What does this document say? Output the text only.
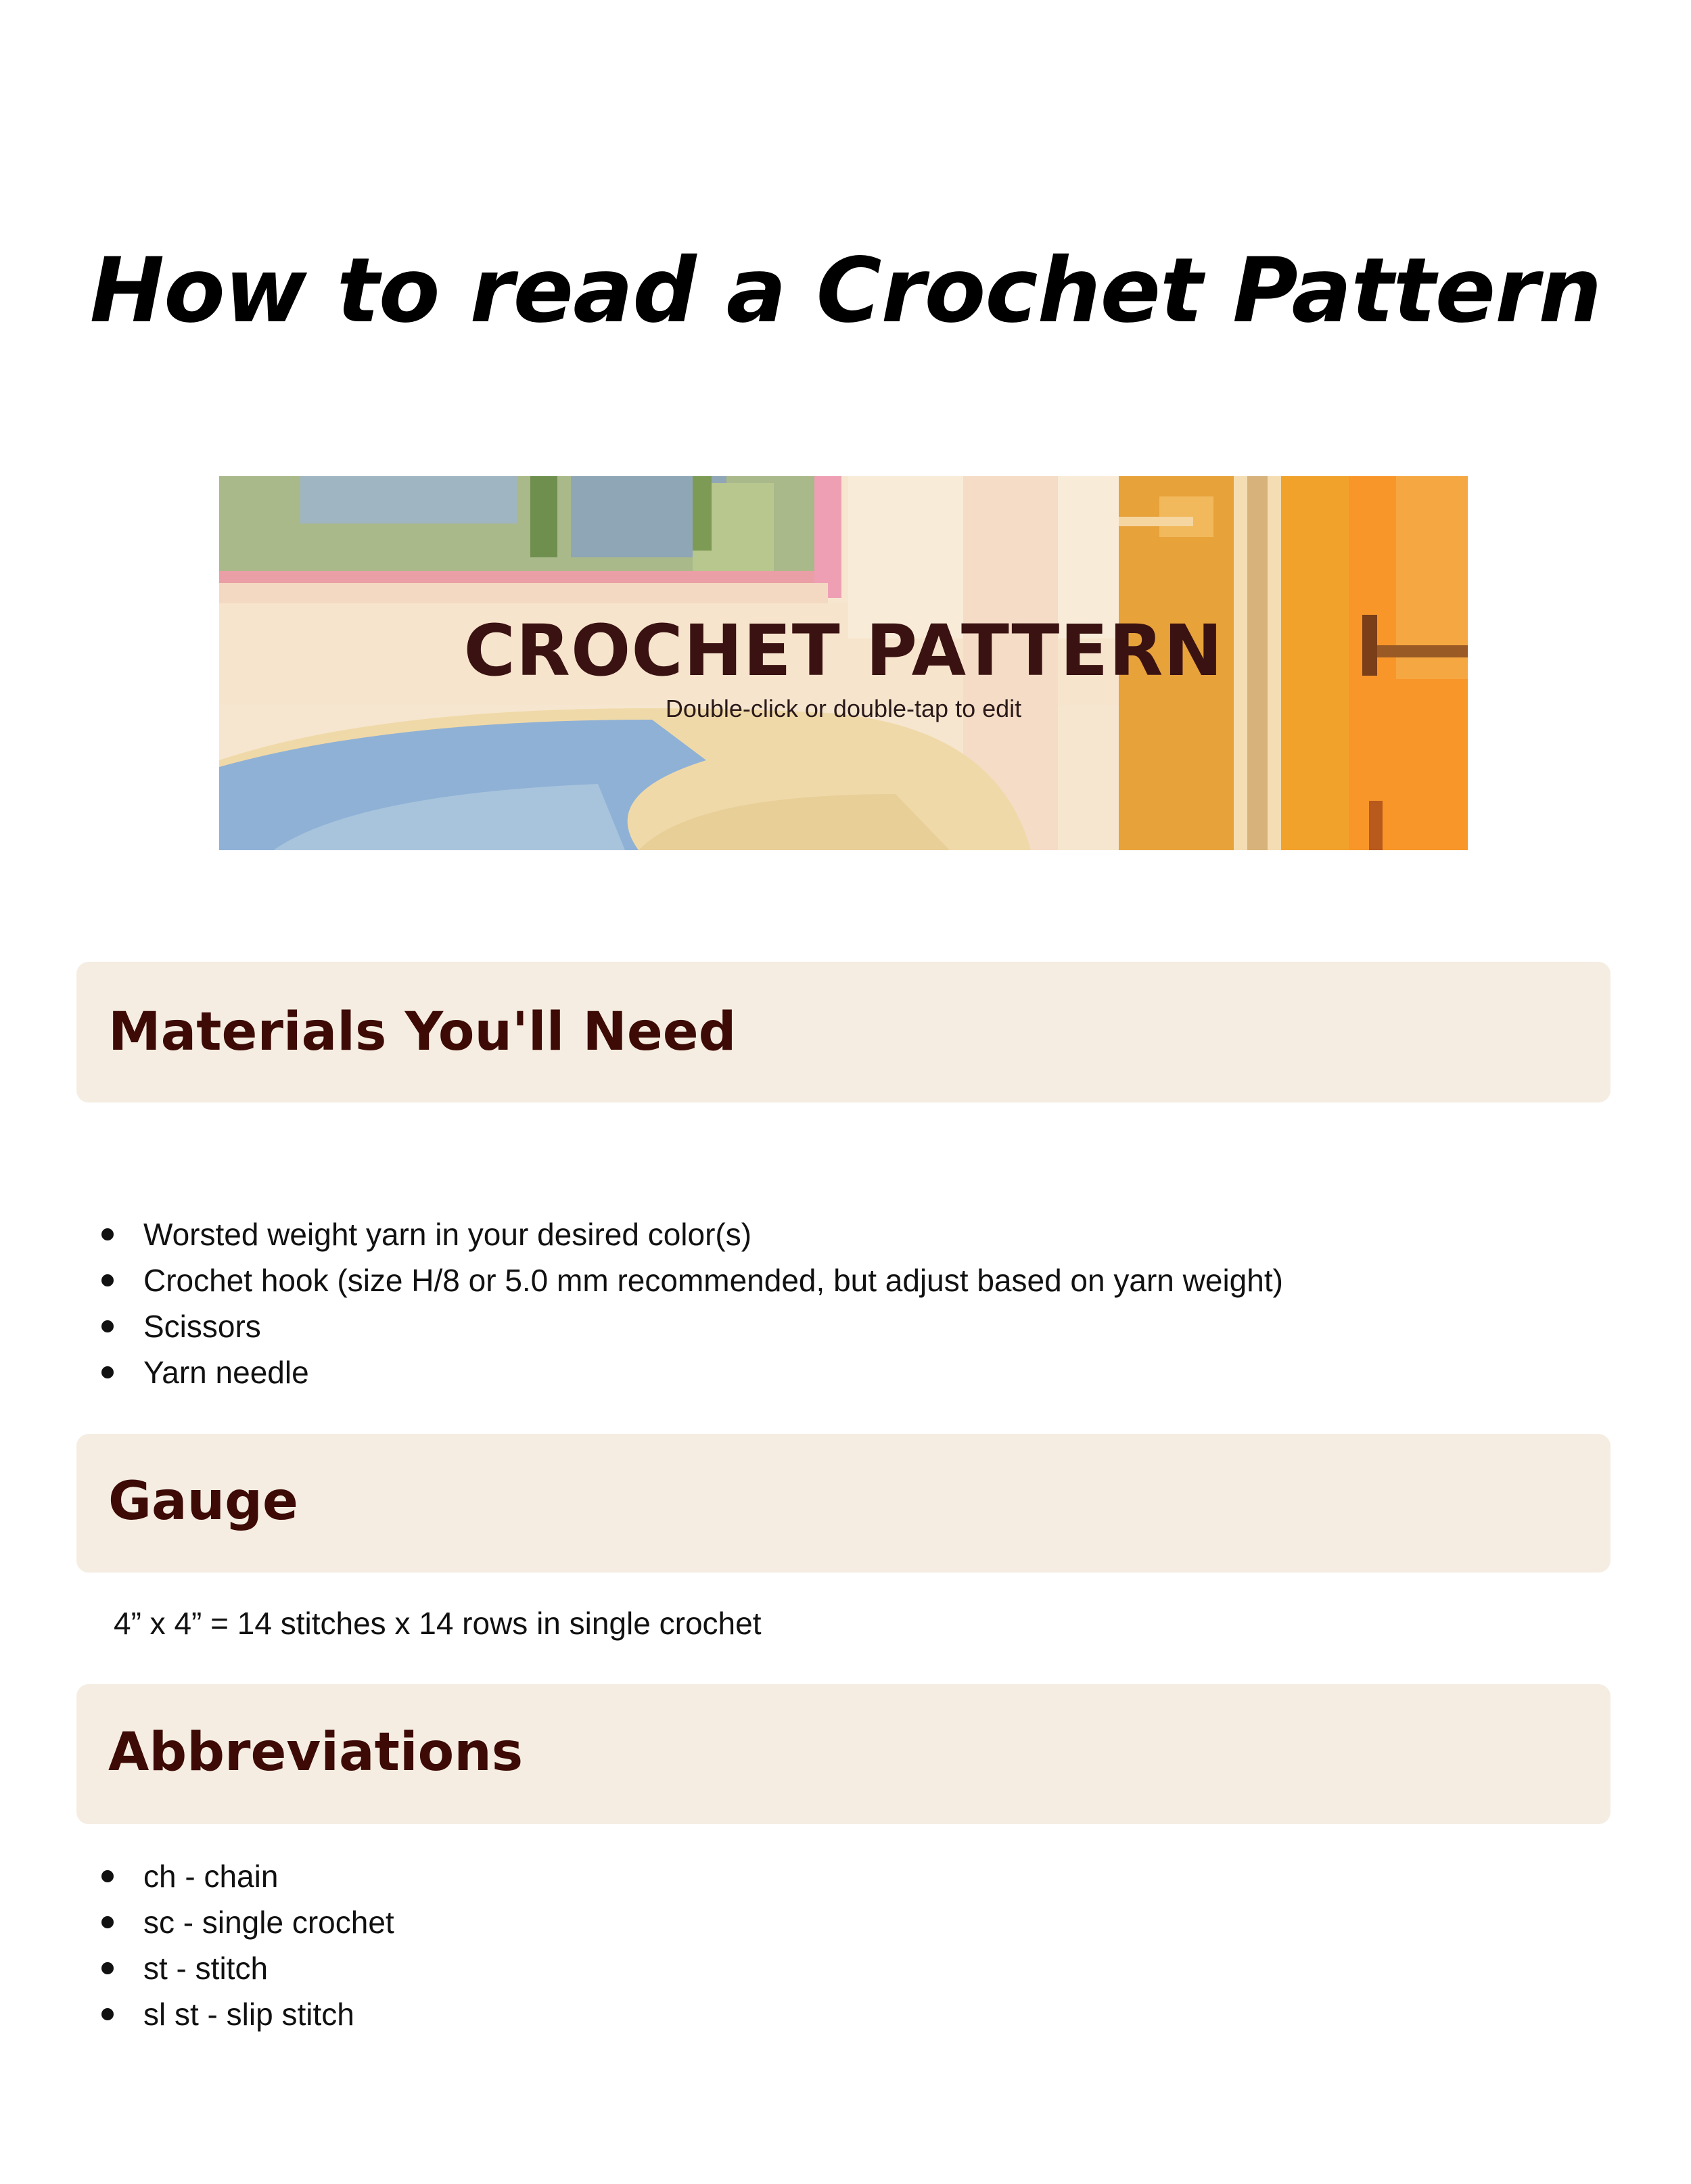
How to read a Crochet Pattern
CROCHET PATTERN
Double-click or double-tap to edit
Materials You'll Need
Worsted weight yarn in your desired color(s)
Crochet hook (size H/8 or 5.0 mm recommended, but adjust based on yarn weight)
Scissors
Yarn needle
Gauge
4” x 4” = 14 stitches x 14 rows in single crochet
Abbreviations
ch - chain
sc - single crochet
st - stitch
sl st - slip stitch
